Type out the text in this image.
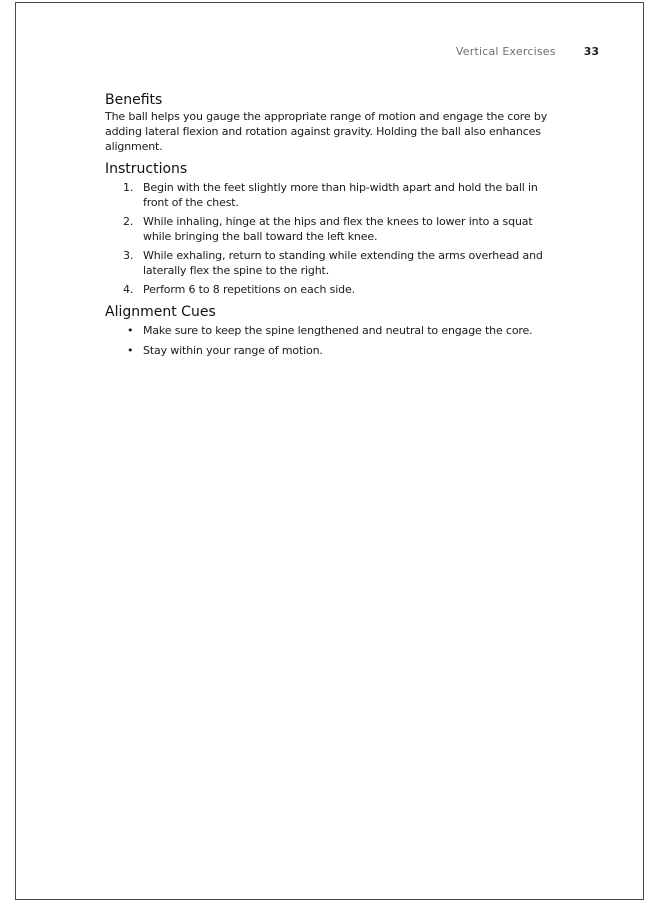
Vertical Exercises	33
Benefits

The ball helps you gauge the appropriate range of motion and engage the core by adding lateral flexion and rotation against gravity. Holding the ball also enhances alignment.

Instructions
1. Begin with the feet slightly more than hip-width apart and hold the ball in front of the chest.
2. While inhaling, hinge at the hips and flex the knees to lower into a squat while bringing the ball toward the left knee.
3. While exhaling, return to standing while extending the arms overhead and laterally flex the spine to the right.
4. Perform 6 to 8 repetitions on each side.
Alignment Cues
• Make sure to keep the spine lengthened and neutral to engage the core.
• Stay within your range of motion.
